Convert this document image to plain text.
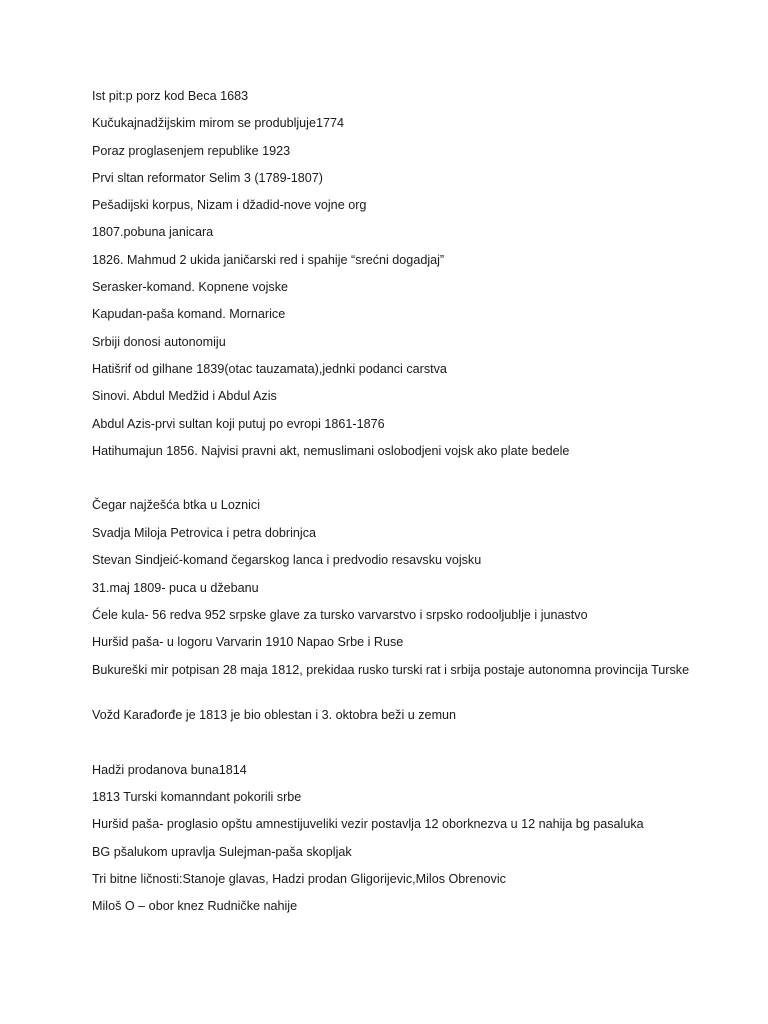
Ist pit:p porz kod Beca 1683
Kučukajnadžijskim mirom se produbljuje1774
Poraz proglasenjem republike 1923
Prvi sltan reformator Selim 3 (1789-1807)
Pešadijski korpus, Nizam i džadid-nove vojne org
1807.pobuna janicara
1826. Mahmud 2 ukida janičarski red i spahije “srećni dogadjaj”
Serasker-komand. Kopnene vojske
Kapudan-paša komand. Mornarice
Srbiji donosi autonomiju
Hatišrif od gilhane 1839(otac tauzamata),jednki podanci carstva
Sinovi. Abdul Medžid i Abdul Azis
Abdul Azis-prvi sultan koji putuj po evropi 1861-1876
Hatihumajun 1856. Najvisi pravni akt, nemuslimani oslobodjeni vojsk ako plate bedele
Čegar najžešća btka u Loznici
Svadja Miloja Petrovica i petra dobrinjca
Stevan Sindjeić-komand čegarskog lanca i predvodio resavsku vojsku
31.maj 1809- puca u džebanu
Ćele kula- 56 redva 952 srpske glave za tursko varvarstvo i srpsko rodooljublje i junastvo
Huršid paša- u logoru Varvarin 1910 Napao Srbe i Ruse
Bukureški mir potpisan 28 maja 1812, prekidaa rusko turski rat i srbija postaje autonomna provincija Turske
Vožd Karađorđe je 1813 je bio oblestan i 3. oktobra beži u zemun
Hadži prodanova buna1814
1813 Turski komanndant pokorili srbe
Huršid paša- proglasio opštu amnestijuveliki vezir postavlja 12 oborknezva u 12 nahija bg pasaluka
BG pšalukom upravlja Sulejman-paša skopljak
Tri bitne ličnosti:Stanoje glavas, Hadzi prodan Gligorijevic,Milos Obrenovic
Miloš O – obor knez Rudničke nahije
